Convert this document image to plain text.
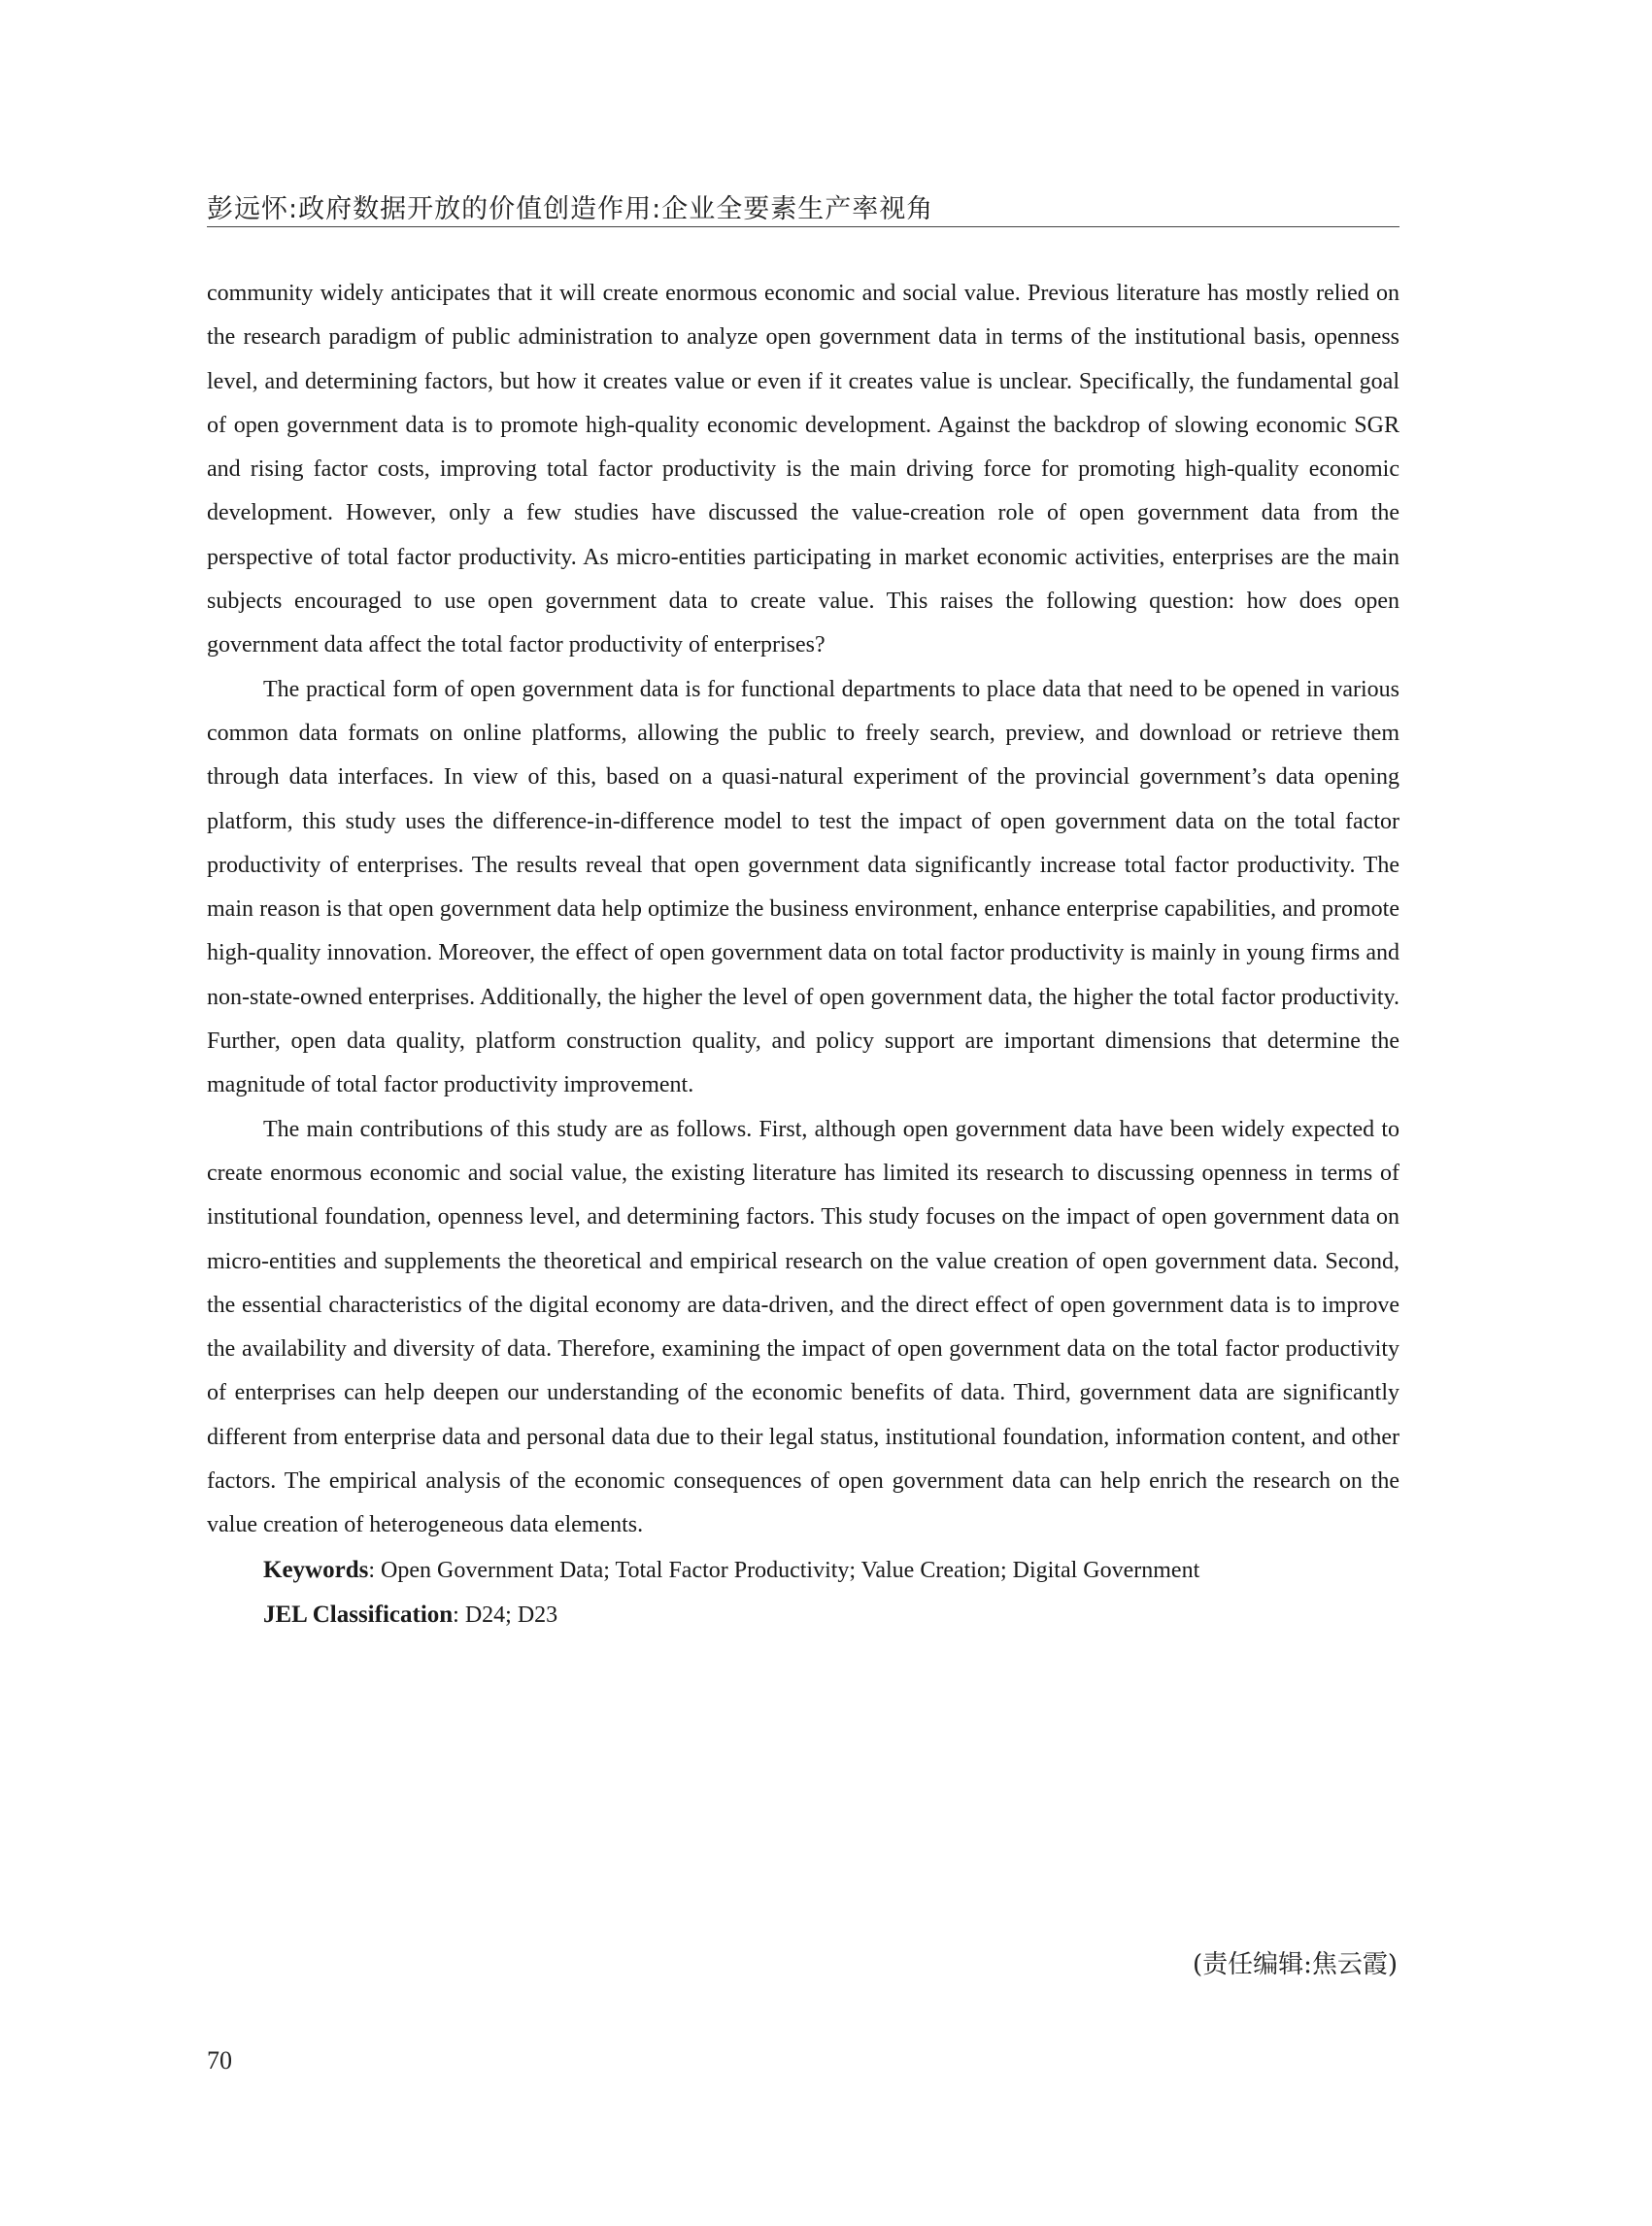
彭远怀:政府数据开放的价值创造作用:企业全要素生产率视角

community widely anticipates that it will create enormous economic and social value. Previous literature has mostly relied on the research paradigm of public administration to analyze open government data in terms of the institutional basis, openness level, and determining factors, but how it creates value or even if it creates value is unclear. Specifically, the fundamental goal of open government data is to promote high-quality economic development. Against the backdrop of slowing economic SGR and rising factor costs, improving total factor productivity is the main driving force for promoting high-quality economic development. However, only a few studies have discussed the value-creation role of open government data from the perspective of total factor productivity. As micro-entities participating in market economic activities, enterprises are the main subjects encouraged to use open government data to create value. This raises the following question: how does open government data affect the total factor productivity of enterprises?

The practical form of open government data is for functional departments to place data that need to be opened in various common data formats on online platforms, allowing the public to freely search, preview, and download or retrieve them through data interfaces. In view of this, based on a quasi-natural experiment of the provincial government’s data opening platform, this study uses the difference-in-difference model to test the impact of open government data on the total factor productivity of enterprises. The results reveal that open government data significantly increase total factor productivity. The main reason is that open government data help optimize the business environment, enhance enterprise capabilities, and promote high-quality innovation. Moreover, the effect of open government data on total factor productivity is mainly in young firms and non-state-owned enterprises. Additionally, the higher the level of open government data, the higher the total factor productivity. Further, open data quality, platform construction quality, and policy support are important dimensions that determine the magnitude of total factor productivity improvement.

The main contributions of this study are as follows. First, although open government data have been widely expected to create enormous economic and social value, the existing literature has limited its research to discussing openness in terms of institutional foundation, openness level, and determining factors. This study focuses on the impact of open government data on micro-entities and supplements the theoretical and empirical research on the value creation of open government data. Second, the essential characteristics of the digital economy are data-driven, and the direct effect of open government data is to improve the availability and diversity of data. Therefore, examining the impact of open government data on the total factor productivity of enterprises can help deepen our understanding of the economic benefits of data. Third, government data are significantly different from enterprise data and personal data due to their legal status, institutional foundation, information content, and other factors. The empirical analysis of the economic consequences of open government data can help enrich the research on the value creation of heterogeneous data elements.

Keywords: Open Government Data; Total Factor Productivity; Value Creation; Digital Government

JEL Classification: D24; D23

(责任编辑:焦云霞)
70
